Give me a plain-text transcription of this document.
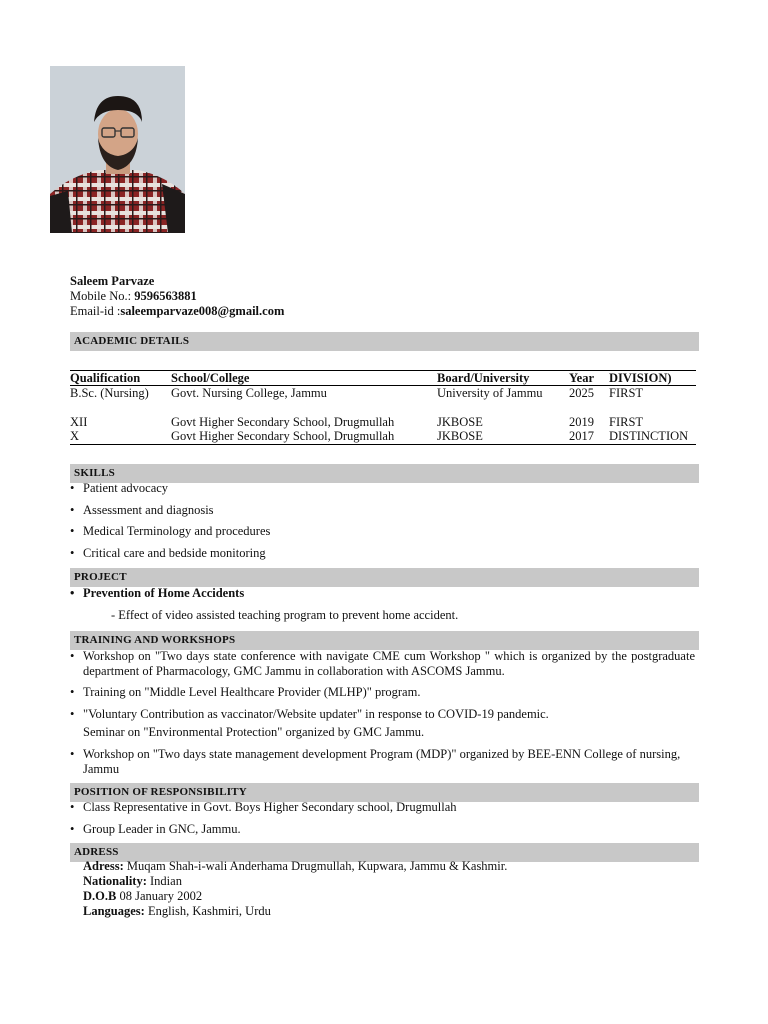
Saleem Parvaze
Mobile No.: 9596563881
Email-id :saleemparvaze008@gmail.com
ACADEMIC DETAILS
Qualification	School/College	Board/University	Year	DIVISION)
B.Sc. (Nursing)	Govt. Nursing College, Jammu	University of Jammu	2025	FIRST

XII	Govt Higher Secondary School, Drugmullah	JKBOSE	2019	FIRST
X	Govt Higher Secondary School, Drugmullah	JKBOSE	2017	DISTINCTION
SKILLS
• Patient advocacy
• Assessment and diagnosis
• Medical Terminology and procedures
• Critical care and bedside monitoring
PROJECT
• Prevention of Home Accidents
- Effect of video assisted teaching program to prevent home accident.
TRAINING AND WORKSHOPS
• Workshop on "Two days state conference with navigate CME cum Workshop " which is organized by the postgraduate department of Pharmacology, GMC Jammu in collaboration with ASCOMS Jammu.
• Training on "Middle Level Healthcare Provider (MLHP)" program.
• "Voluntary Contribution as vaccinator/Website updater" in response to COVID-19 pandemic.
Seminar on "Environmental Protection" organized by GMC Jammu.
• Workshop on "Two days state management development Program (MDP)" organized by BEE-ENN College of nursing, Jammu
POSITION OF RESPONSIBILITY
• Class Representative in Govt. Boys Higher Secondary school, Drugmullah
• Group Leader in GNC, Jammu.
ADRESS
Adress: Muqam Shah-i-wali Anderhama Drugmullah, Kupwara, Jammu & Kashmir.
Nationality: Indian
D.O.B 08 January 2002
Languages: English, Kashmiri, Urdu
